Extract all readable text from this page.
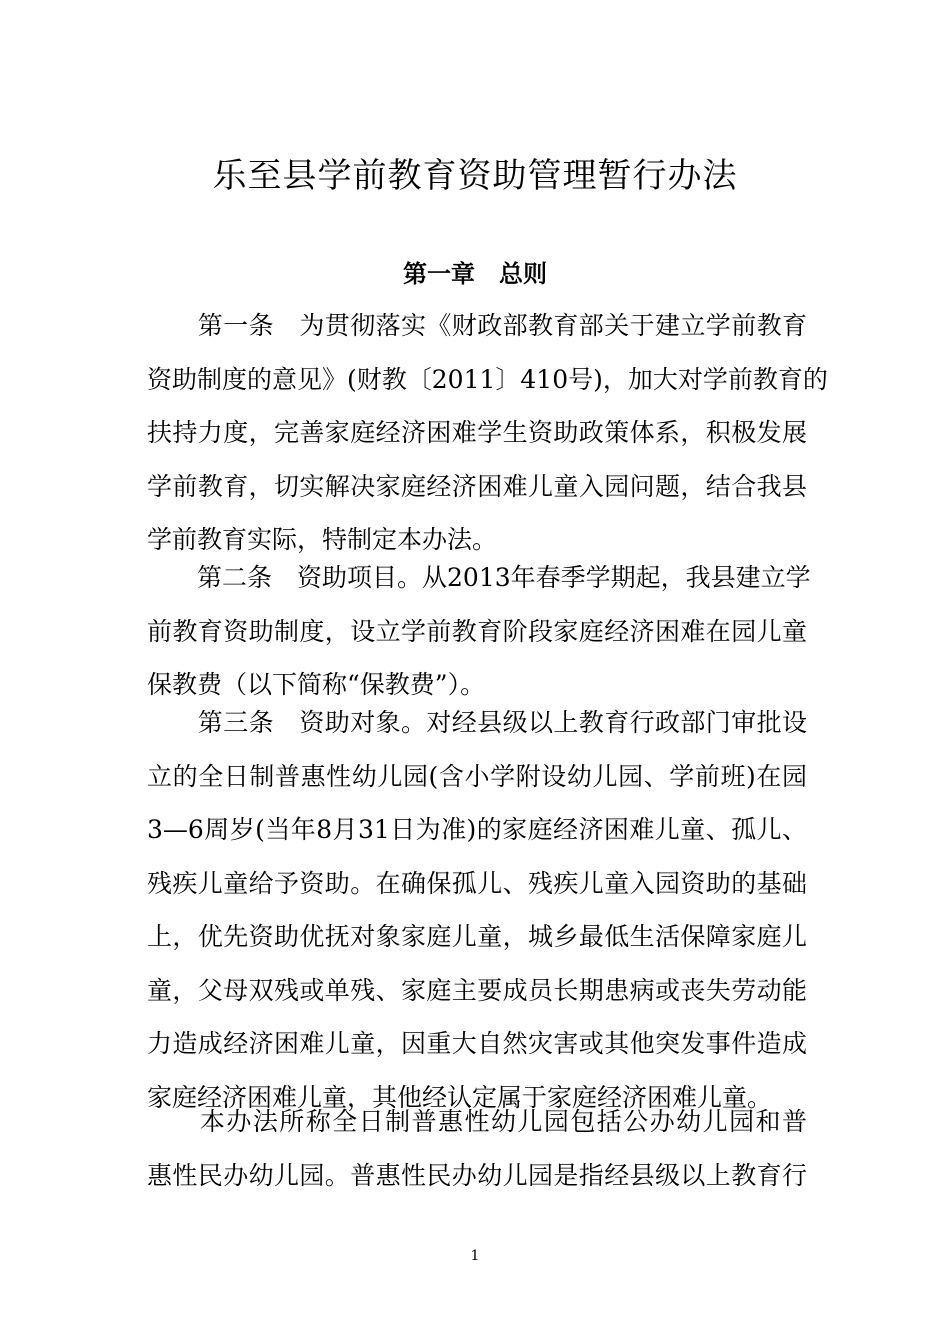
乐至县学前教育资助管理暂行办法
第一章　总则
　　第一条　为贯彻落实《财政部教育部关于建立学前教育
资助制度的意见》(财教〔2011〕410号)，加大对学前教育的
扶持力度，完善家庭经济困难学生资助政策体系，积极发展
学前教育，切实解决家庭经济困难儿童入园问题，结合我县
学前教育实际，特制定本办法。
　　第二条　资助项目。从2013年春季学期起，我县建立学
前教育资助制度，设立学前教育阶段家庭经济困难在园儿童
保教费（以下简称“保教费”）。
　　第三条　资助对象。对经县级以上教育行政部门审批设
立的全日制普惠性幼儿园(含小学附设幼儿园、学前班)在园
3—6周岁(当年8月31日为准)的家庭经济困难儿童、孤儿、
残疾儿童给予资助。在确保孤儿、残疾儿童入园资助的基础
上，优先资助优抚对象家庭儿童，城乡最低生活保障家庭儿
童，父母双残或单残、家庭主要成员长期患病或丧失劳动能
力造成经济困难儿童，因重大自然灾害或其他突发事件造成
家庭经济困难儿童，其他经认定属于家庭经济困难儿童。
　　本办法所称全日制普惠性幼儿园包括公办幼儿园和普
惠性民办幼儿园。普惠性民办幼儿园是指经县级以上教育行
1
